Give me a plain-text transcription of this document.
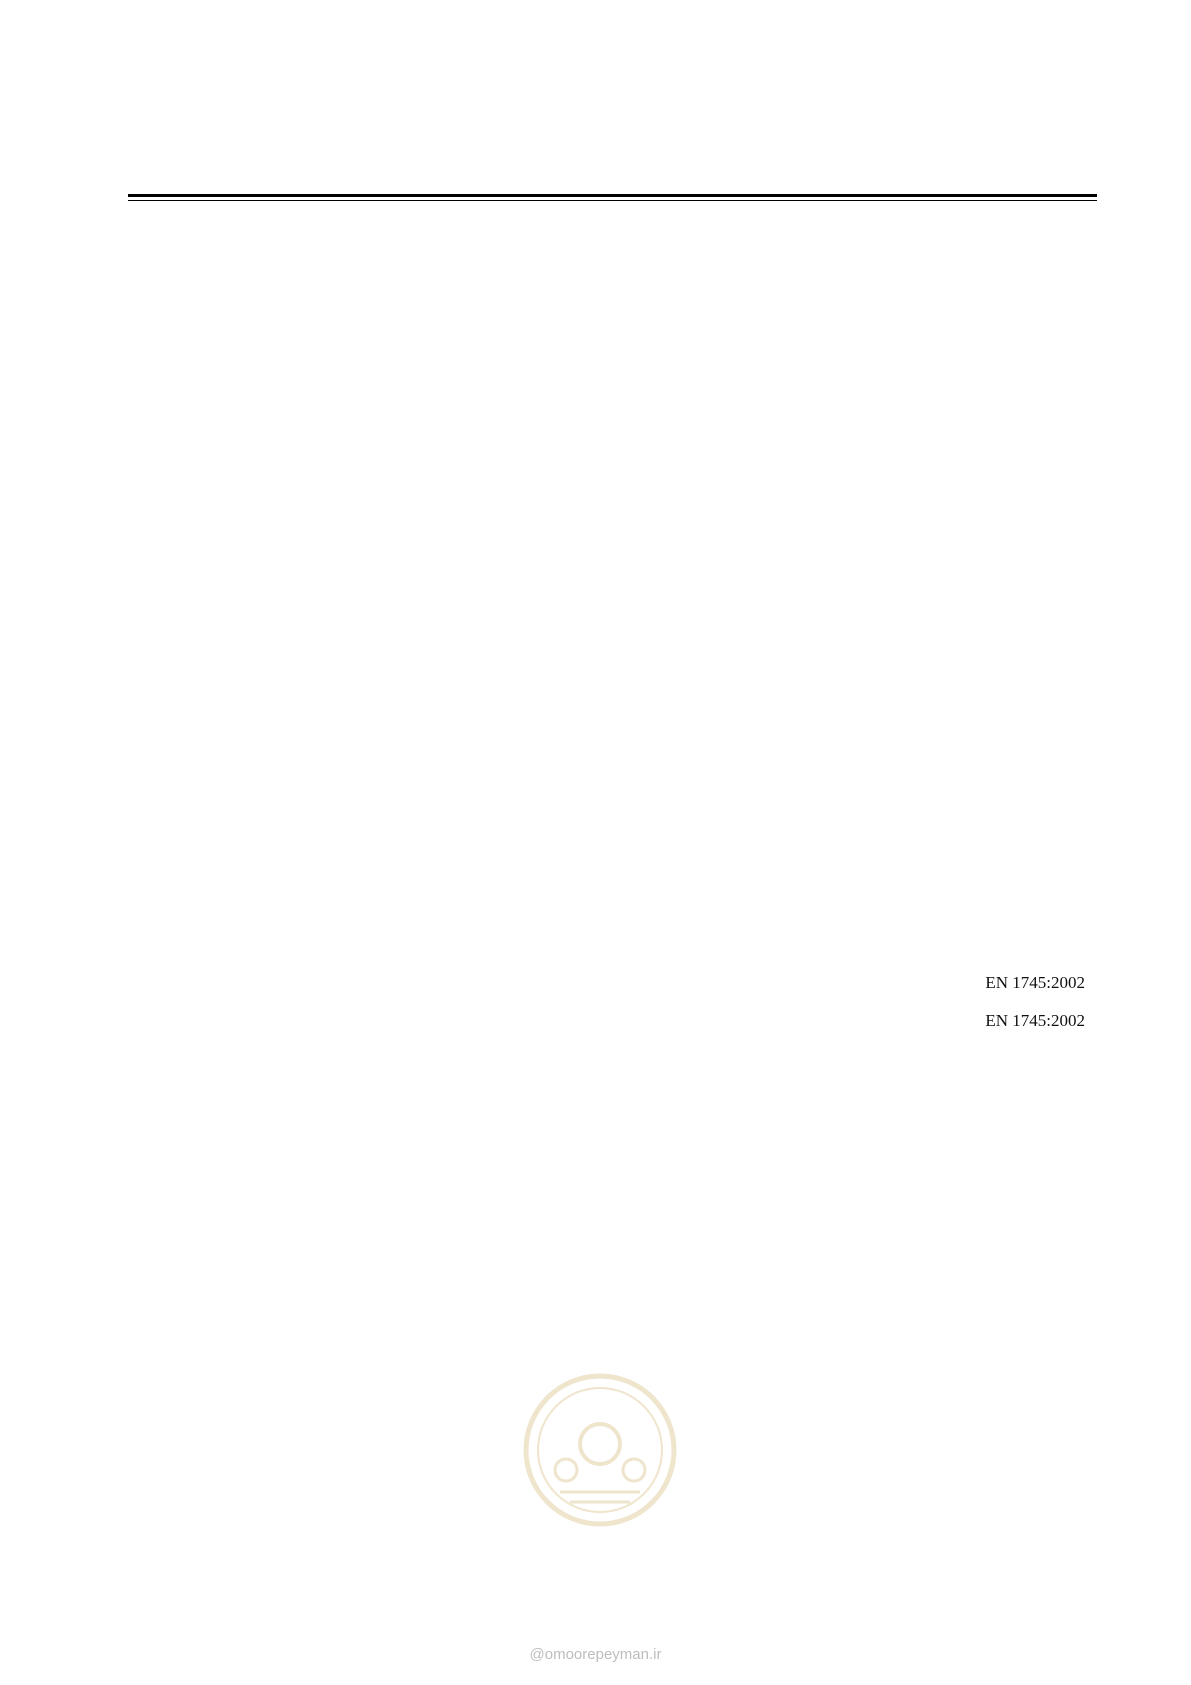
EN 1745:2002
EN 1745:2002
@omoorepeyman.ir
